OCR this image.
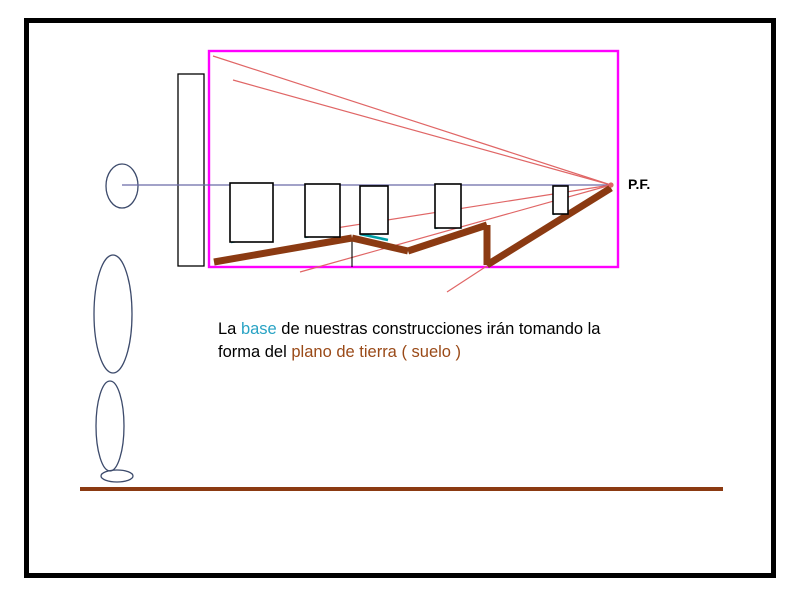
P.F.
La base de nuestras construcciones irán tomando la
forma del plano de tierra ( suelo )
